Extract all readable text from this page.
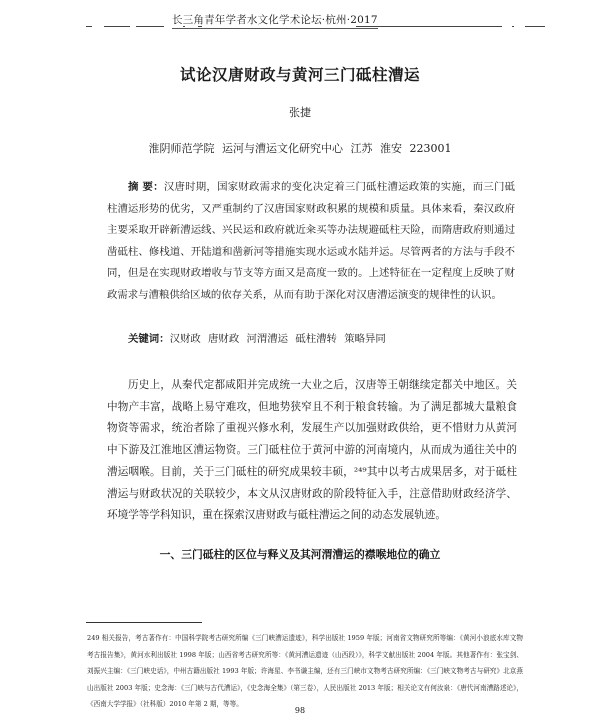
长三角青年学者水文化学术论坛·杭州·2017
试论汉唐财政与黄河三门砥柱漕运
张捷
淮阴师范学院 运河与漕运文化研究中心 江苏 淮安 223001
摘 要：汉唐时期，国家财政需求的变化决定着三门砥柱漕运政策的实施，而三门砥柱漕运形势的优劣，又严重制约了汉唐国家财政积累的规模和质量。具体来看，秦汉政府主要采取开辟新漕运线、兴民运和政府就近籴买等办法规避砥柱天险，而隋唐政府则通过凿砥柱、修栈道、开陆道和凿新河等措施实现水运或水陆并运。尽管两者的方法与手段不同，但是在实现财政增收与节支等方面又是高度一致的。上述特征在一定程度上反映了财政需求与漕粮供给区域的依存关系，从而有助于深化对汉唐漕运演变的规律性的认识。
关键词：汉财政 唐财政 河渭漕运 砥柱漕转 策略异同
历史上，从秦代定都咸阳并完成统一大业之后，汉唐等王朝继续定都关中地区。关中物产丰富，战略上易守难攻，但地势狭窄且不利于粮食转输。为了满足都城大量粮食物资等需求，统治者除了重视兴修水利，发展生产以加强财政供给，更不惜财力从黄河中下游及江淮地区漕运物资。三门砥柱位于黄河中游的河南境内，从而成为通往关中的漕运咽喉。目前，关于三门砥柱的研究成果较丰硕，²⁴⁹其中以考古成果居多，对于砥柱漕运与财政状况的关联较少，本文从汉唐财政的阶段特征入手，注意借助财政经济学、环境学等学科知识，重在探索汉唐财政与砥柱漕运之间的动态发展轨迹。
一、三门砥柱的区位与释义及其河渭漕运的襟喉地位的确立
249 相关报告，考古著作有：中国科学院考古研究所编《三门峡漕运遗迹》，科学出版社 1959 年版；河南省文物研究所等编：《黄河小浪底水库文物考古报告集》，黄河水利出版社 1998 年版；山西省考古研究所等：《黄河漕运遗迹（山西段）》，科学文献出版社 2004 年版。其他著作有：张宝剑、刘振兴主编：《三门峡史话》，中州古籍出版社 1993 年版；许海星、李书谦主编，还有三门峡市文物考古研究所编：《三门峡文物考古与研究》北京燕山出版社 2003 年版；史念海：《三门峡与古代漕运》，《史念海全集》（第三卷），人民出版社 2013 年版；相关论文有何汝泉：《唐代河南漕路述论》，《西南大学学报》（社科版）2010 年第 2 期，等等。
98
